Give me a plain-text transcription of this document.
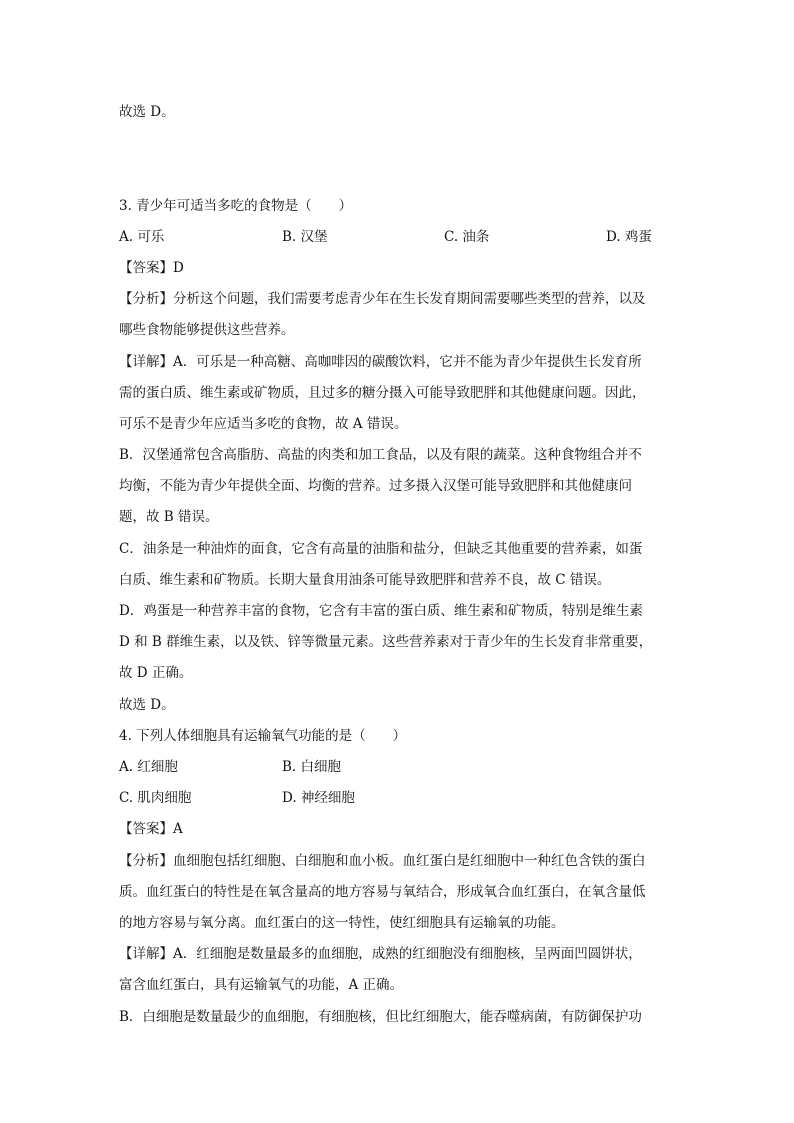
故选 D。
3. 青少年可适当多吃的食物是（　　）
A. 可乐	B. 汉堡	C. 油条	D. 鸡蛋
【答案】D
【分析】分析这个问题，我们需要考虑青少年在生长发育期间需要哪些类型的营养，以及
哪些食物能够提供这些营养。
【详解】A．可乐是一种高糖、高咖啡因的碳酸饮料，它并不能为青少年提供生长发育所
需的蛋白质、维生素或矿物质，且过多的糖分摄入可能导致肥胖和其他健康问题。因此，
可乐不是青少年应适当多吃的食物，故 A 错误。
B．汉堡通常包含高脂肪、高盐的肉类和加工食品，以及有限的蔬菜。这种食物组合并不
均衡，不能为青少年提供全面、均衡的营养。过多摄入汉堡可能导致肥胖和其他健康问
题，故 B 错误。
C．油条是一种油炸的面食，它含有高量的油脂和盐分，但缺乏其他重要的营养素，如蛋
白质、维生素和矿物质。长期大量食用油条可能导致肥胖和营养不良，故 C 错误。
D．鸡蛋是一种营养丰富的食物，它含有丰富的蛋白质、维生素和矿物质，特别是维生素
D 和 B 群维生素，以及铁、锌等微量元素。这些营养素对于青少年的生长发育非常重要，
故 D 正确。
故选 D。
4. 下列人体细胞具有运输氧气功能的是（　　）
A. 红细胞	B. 白细胞
C. 肌肉细胞	D. 神经细胞
【答案】A
【分析】血细胞包括红细胞、白细胞和血小板。血红蛋白是红细胞中一种红色含铁的蛋白
质。血红蛋白的特性是在氧含量高的地方容易与氧结合，形成氧合血红蛋白，在氧含量低
的地方容易与氧分离。血红蛋白的这一特性，使红细胞具有运输氧的功能。
【详解】A．红细胞是数量最多的血细胞，成熟的红细胞没有细胞核，呈两面凹圆饼状，
富含血红蛋白，具有运输氧气的功能，A 正确。
B．白细胞是数量最少的血细胞，有细胞核，但比红细胞大，能吞噬病菌，有防御保护功
